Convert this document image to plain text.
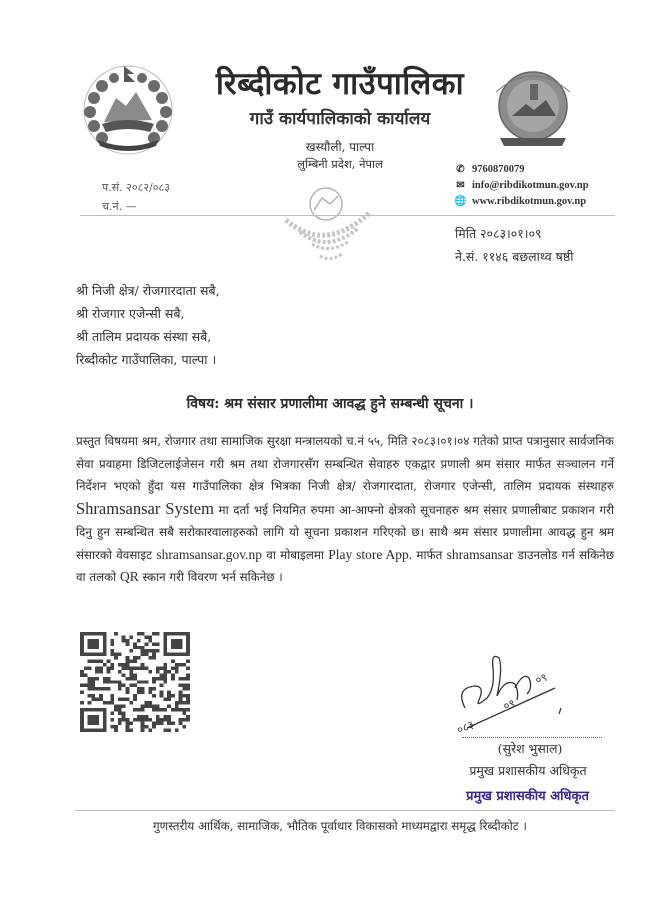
रिब्दीकोट गाउँपालिका
गाउँ कार्यपालिकाको कार्यालय
खस्यौली, पाल्पा
लुम्बिनी प्रदेश, नेपाल
प.सं. २०८२/०८३
च.नं. —
✆ 9760870079
✉ info@ribdikotmun.gov.np
🌐 www.ribdikotmun.gov.np
मिति २०८३।०१।०९
ने.सं. ११४६ बछलाथ्व षष्ठी
श्री निजी क्षेत्र/ रोजगारदाता सबै,
श्री रोजगार एजेन्सी सबै,
श्री तालिम प्रदायक संस्था सबै,
रिब्दीकोट गाउँपालिका, पाल्पा ।
विषय: श्रम संसार प्रणालीमा आवद्ध हुने सम्बन्धी सूचना ।
प्रस्तुत विषयमा श्रम, रोजगार तथा सामाजिक सुरक्षा मन्त्रालयको च.नं ५५, मिति २०८३।०१।०४ गतेको प्राप्त पत्रानुसार सार्वजनिक सेवा प्रवाहमा डिजिटलाईजेसन गरी श्रम तथा रोजगारसँग सम्बन्धित सेवाहरु एकद्वार प्रणाली श्रम संसार मार्फत सञ्चालन गर्ने निर्देशन भएको हुँदा यस गाउँपालिका क्षेत्र भित्रका निजी क्षेत्र/ रोजगारदाता, रोजगार एजेन्सी, तालिम प्रदायक संस्थाहरु Shramsansar System मा दर्ता भई नियमित रुपमा आ-आफ्नो क्षेत्रको सूचनाहरु श्रम संसार प्रणालीबाट प्रकाशन गरी दिनु हुन सम्बन्धित सबै सरोकारवालाहरुको लागि यो सूचना प्रकाशन गरिएको छ। साथै श्रम संसार प्रणालीमा आवद्ध हुन श्रम संसारको वेवसाइट shramsansar.gov.np वा मोबाइलमा Play store App. मार्फत shramsansar डाउनलोड गर्न सकिनेछ वा तलको QR स्कान गरी विवरण भर्न सकिनेछ ।
०८३
०९
०९
(सुरेश भुसाल)
प्रमुख प्रशासकीय अधिकृत
प्रमुख प्रशासकीय अधिकृत
गुणस्तरीय आर्थिक, सामाजिक, भौतिक पूर्वाधार विकासको माध्यमद्वारा समृद्ध रिब्दीकोट ।
